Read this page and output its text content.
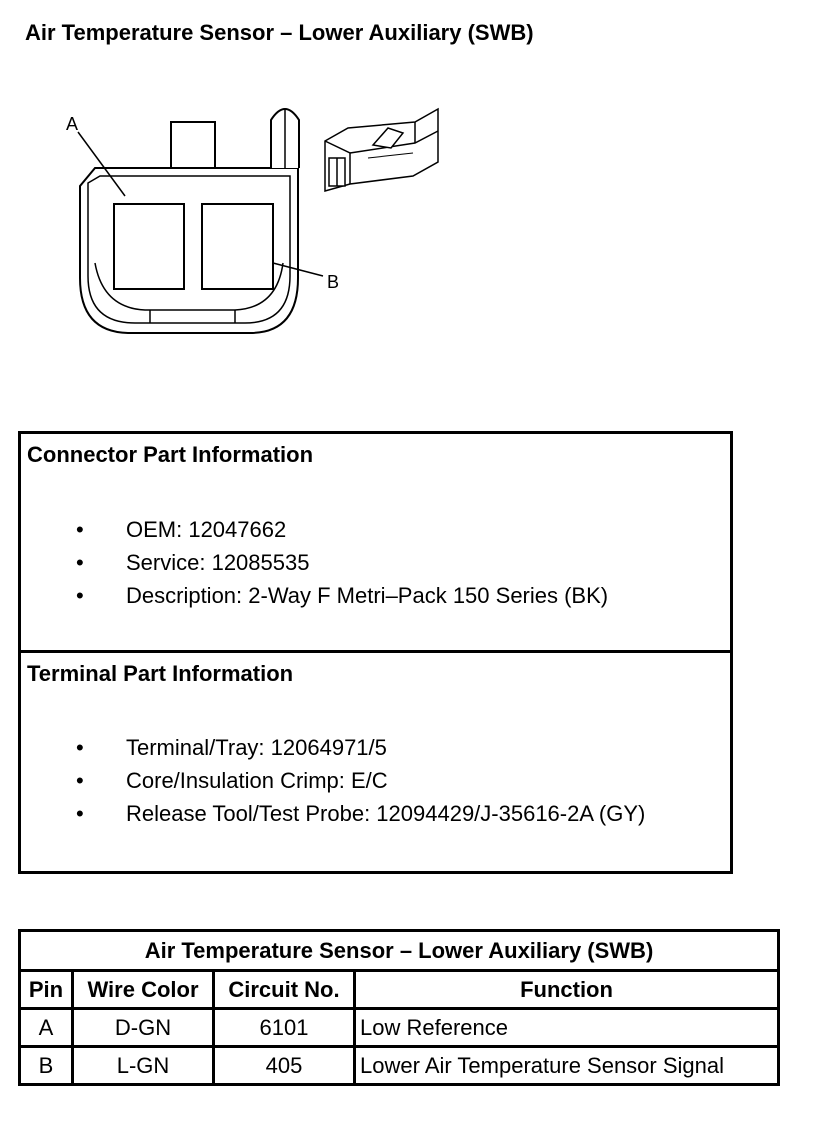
Air Temperature Sensor – Lower Auxiliary (SWB)
A
B
Connector Part Information
• OEM: 12047662
• Service: 12085535
• Description: 2-Way F Metri–Pack 150 Series (BK)
Terminal Part Information
• Terminal/Tray: 12064971/5
• Core/Insulation Crimp: E/C
• Release Tool/Test Probe: 12094429/J-35616-2A (GY)
Air Temperature Sensor – Lower Auxiliary (SWB)			
Pin	Wire Color	Circuit No.	Function
A	D-GN	6101	Low Reference
B	L-GN	405	Lower Air Temperature Sensor Signal
